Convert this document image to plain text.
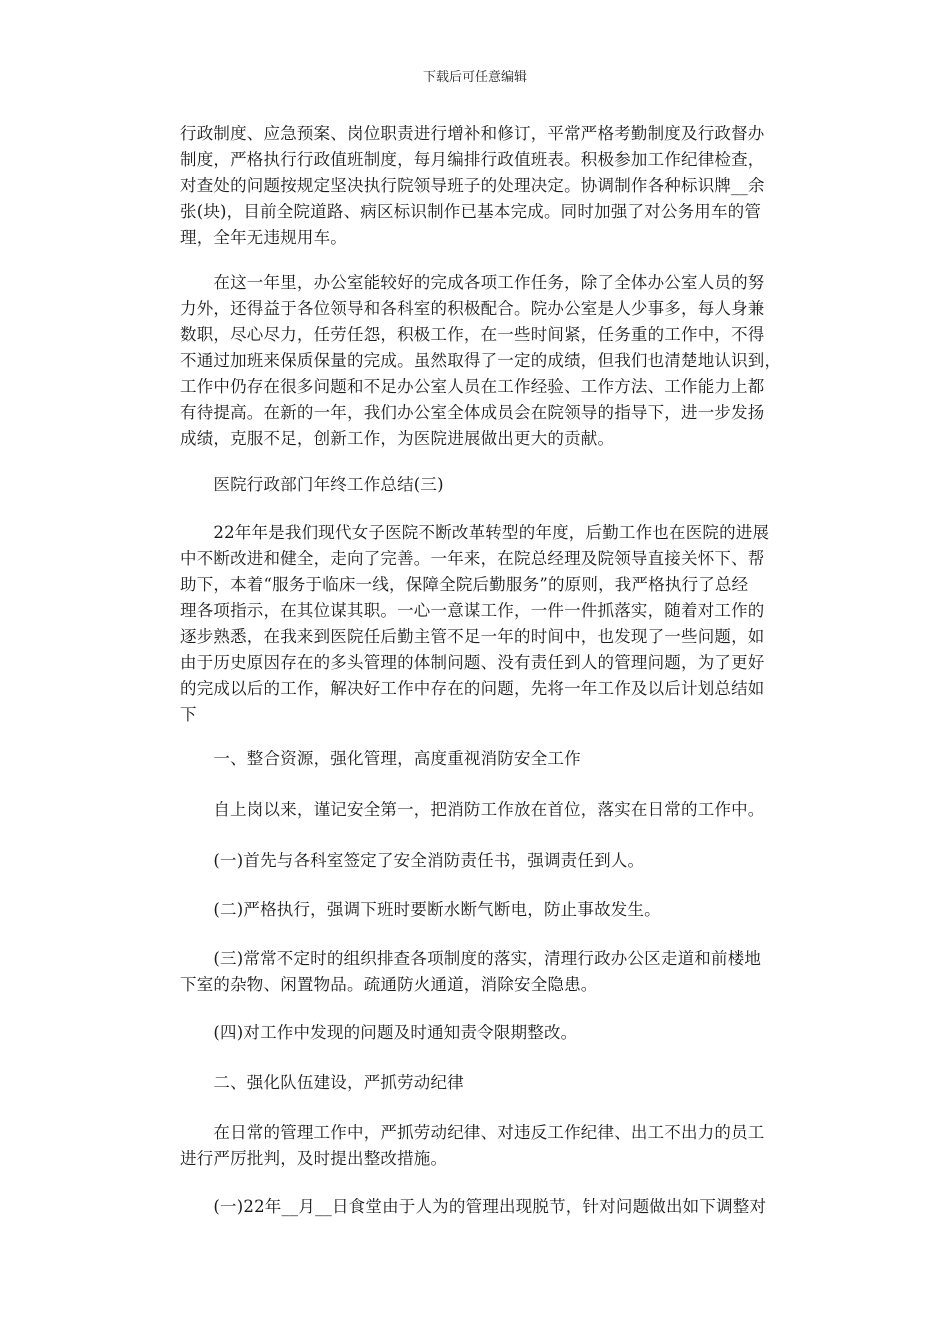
下载后可任意编辑

行政制度、应急预案、岗位职责进行增补和修订，平常严格考勤制度及行政督办
制度，严格执行行政值班制度，每月编排行政值班表。积极参加工作纪律检查，
对查处的问题按规定坚决执行院领导班子的处理决定。协调制作各种标识牌__余
张(块)，目前全院道路、病区标识制作已基本完成。同时加强了对公务用车的管
理，全年无违规用车。

　　在这一年里，办公室能较好的完成各项工作任务，除了全体办公室人员的努
力外，还得益于各位领导和各科室的积极配合。院办公室是人少事多，每人身兼
数职，尽心尽力，任劳任怨，积极工作，在一些时间紧，任务重的工作中，不得
不通过加班来保质保量的完成。虽然取得了一定的成绩，但我们也清楚地认识到，
工作中仍存在很多问题和不足办公室人员在工作经验、工作方法、工作能力上都
有待提高。在新的一年，我们办公室全体成员会在院领导的指导下，进一步发扬
成绩，克服不足，创新工作，为医院进展做出更大的贡献。

　　医院行政部门年终工作总结(三)

　　22年年是我们现代女子医院不断改革转型的年度，后勤工作也在医院的进展
中不断改进和健全，走向了完善。一年来，在院总经理及院领导直接关怀下、帮
助下，本着“服务于临床一线，保障全院后勤服务”的原则，我严格执行了总经
理各项指示，在其位谋其职。一心一意谋工作，一件一件抓落实，随着对工作的
逐步熟悉，在我来到医院任后勤主管不足一年的时间中，也发现了一些问题，如
由于历史原因存在的多头管理的体制问题、没有责任到人的管理问题，为了更好
的完成以后的工作，解决好工作中存在的问题，先将一年工作及以后计划总结如
下

　　一、整合资源，强化管理，高度重视消防安全工作

　　自上岗以来，谨记安全第一，把消防工作放在首位，落实在日常的工作中。

　　(一)首先与各科室签定了安全消防责任书，强调责任到人。

　　(二)严格执行，强调下班时要断水断气断电，防止事故发生。

　　(三)常常不定时的组织排查各项制度的落实，清理行政办公区走道和前楼地
下室的杂物、闲置物品。疏通防火通道，消除安全隐患。

　　(四)对工作中发现的问题及时通知责令限期整改。

　　二、强化队伍建设，严抓劳动纪律

　　在日常的管理工作中，严抓劳动纪律、对违反工作纪律、出工不出力的员工
进行严厉批判，及时提出整改措施。

　　(一)22年__月__日食堂由于人为的管理出现脱节，针对问题做出如下调整对
